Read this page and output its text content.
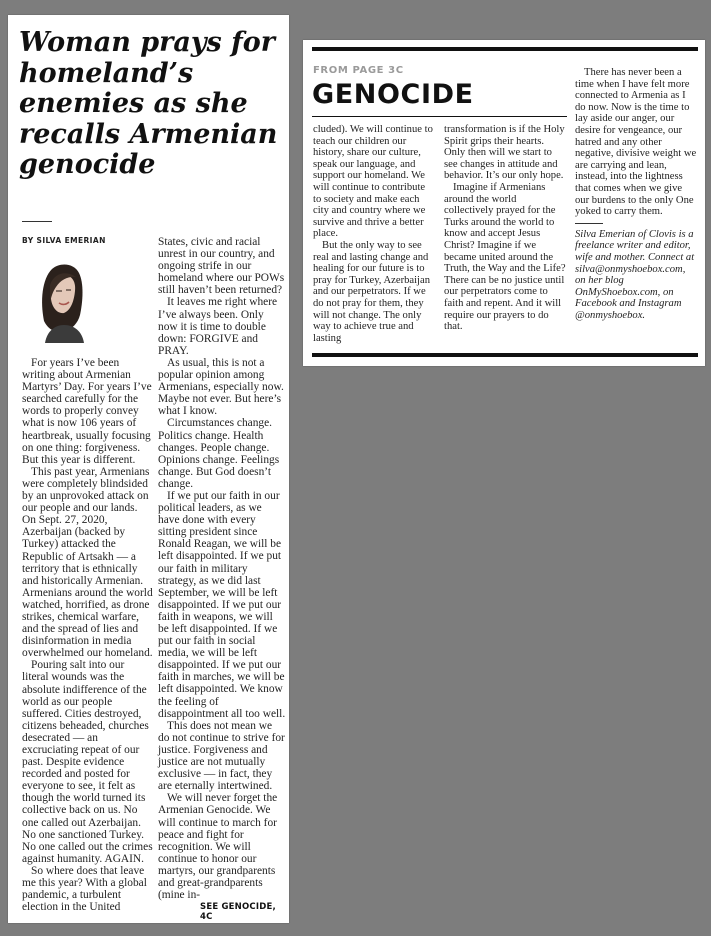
Woman prays for homeland’s enemies as she recalls Armenian genocide
BY SILVA EMERIAN

For years I’ve been writing about Armenian Martyrs’ Day. For years I’ve searched carefully for the words to properly convey what is now 106 years of heartbreak, usually focusing on one thing: forgiveness. But this year is different.

This past year, Armenians were completely blindsided by an unprovoked attack on our people and our lands. On Sept. 27, 2020, Azerbaijan (backed by Turkey) attacked the Republic of Artsakh — a territory that is ethnically and historically Armenian. Armenians around the world watched, horrified, as drone strikes, chemical warfare, and the spread of lies and disinformation in media overwhelmed our homeland.

Pouring salt into our literal wounds was the absolute indifference of the world as our people suffered. Cities destroyed, citizens beheaded, churches desecrated — an excruciating repeat of our past. Despite evidence recorded and posted for everyone to see, it felt as though the world turned its collective back on us. No one called out Azerbaijan. No one sanctioned Turkey. No one called out the crimes against humanity. AGAIN.

So where does that leave me this year? With a global pandemic, a turbulent election in the United

States, civic and racial unrest in our country, and ongoing strife in our homeland where our POWs still haven’t been returned?

It leaves me right where I’ve always been. Only now it is time to double down: FORGIVE and PRAY.

As usual, this is not a popular opinion among Armenians, especially now. Maybe not ever. But here’s what I know.

Circumstances change. Politics change. Health changes. People change. Opinions change. Feelings change. But God doesn’t change.

If we put our faith in our political leaders, as we have done with every sitting president since Ronald Reagan, we will be left disappointed. If we put our faith in military strategy, as we did last September, we will be left disappointed. If we put our faith in weapons, we will be left disappointed. If we put our faith in social media, we will be left disappointed. If we put our faith in marches, we will be left disappointed. We know the feeling of disappointment all too well.

This does not mean we do not continue to strive for justice. Forgiveness and justice are not mutually exclusive — in fact, they are eternally intertwined.

We will never forget the Armenian Genocide. We will continue to march for peace and fight for recognition. We will continue to honor our martyrs, our grandparents and great-grandparents (mine in-

SEE GENOCIDE, 4C
FROM PAGE 3C
GENOCIDE

cluded). We will continue to teach our children our history, share our culture, speak our language, and support our homeland. We will continue to contribute to society and make each city and country where we survive and thrive a better place.

But the only way to see real and lasting change and healing for our future is to pray for Turkey, Azerbaijan and our perpetrators. If we do not pray for them, they will not change. The only way to achieve true and lasting

transformation is if the Holy Spirit grips their hearts. Only then will we start to see changes in attitude and behavior. It’s our only hope.

Imagine if Armenians around the world collectively prayed for the Turks around the world to know and accept Jesus Christ? Imagine if we became united around the Truth, the Way and the Life? There can be no justice until our perpetrators come to faith and repent. And it will require our prayers to do that.

There has never been a time when I have felt more connected to Armenia as I do now. Now is the time to lay aside our anger, our desire for vengeance, our hatred and any other negative, divisive weight we are carrying and lean, instead, into the lightness that comes when we give our burdens to the only One yoked to carry them.

Silva Emerian of Clovis is a freelance writer and editor, wife and mother. Connect at silva@onmyshoebox.com, on her blog OnMyShoebox.com, on Facebook and Instagram @onmyshoebox.
